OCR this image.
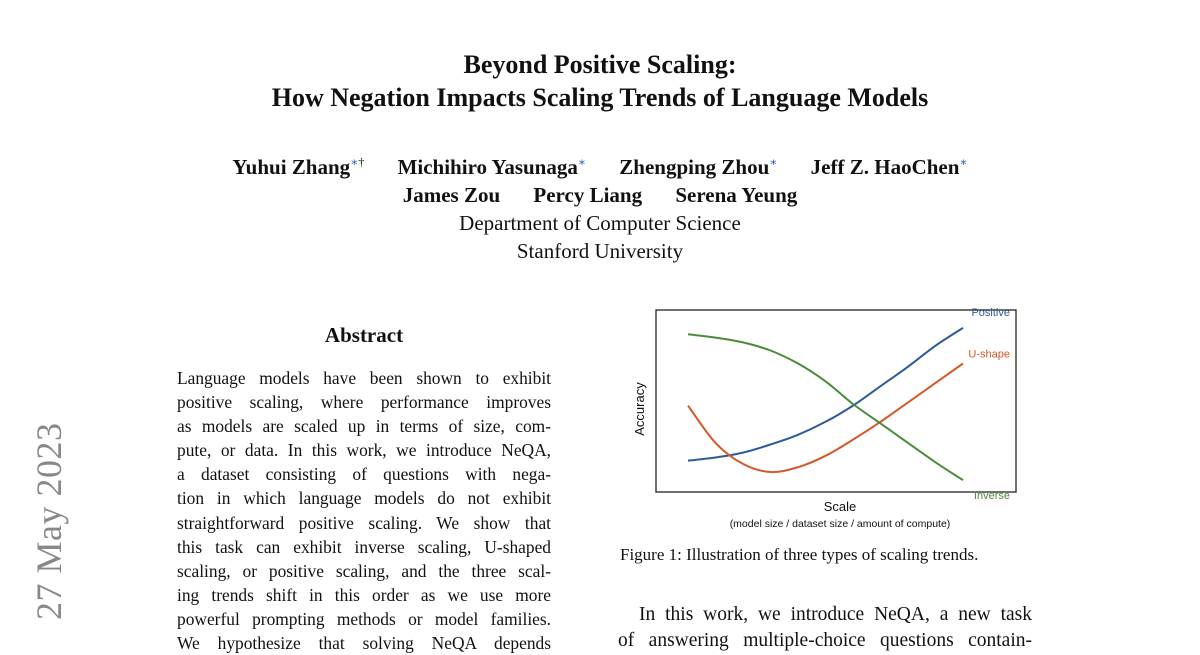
Beyond Positive Scaling:
How Negation Impacts Scaling Trends of Language Models
Yuhui Zhang∗† Michihiro Yasunaga∗ Zhengping Zhou∗ Jeff Z. HaoChen∗
James Zou Percy Liang Serena Yeung
Department of Computer Science
Stanford University
27 May 2023
Abstract
Language models have been shown to exhibit
positive scaling, where performance improves
as models are scaled up in terms of size, com-
pute, or data. In this work, we introduce NeQA,
a dataset consisting of questions with nega-
tion in which language models do not exhibit
straightforward positive scaling. We show that
this task can exhibit inverse scaling, U-shaped
scaling, or positive scaling, and the three scal-
ing trends shift in this order as we use more
powerful prompting methods or model families.
We hypothesize that solving NeQA depends
Accuracy
Scale
(model size / dataset size / amount of compute)
Positive
U-shape
Inverse
Figure 1: Illustration of three types of scaling trends.
In this work, we introduce NeQA, a new task
of answering multiple-choice questions contain-
